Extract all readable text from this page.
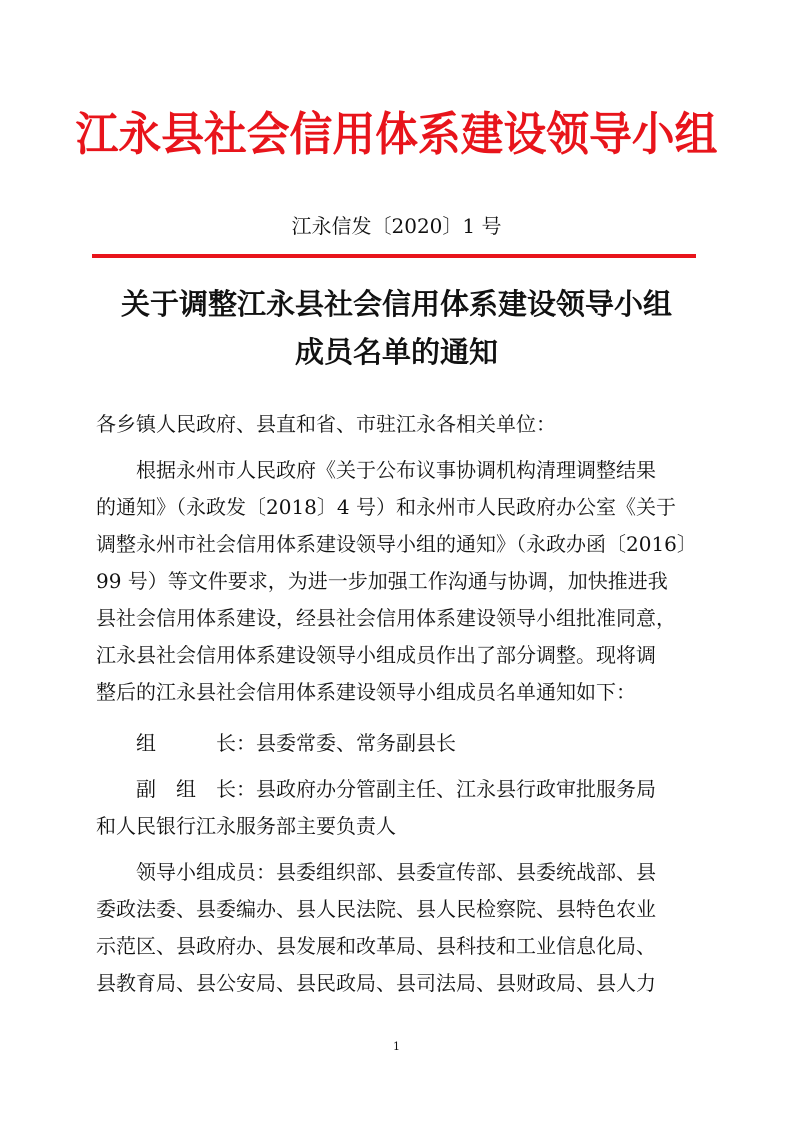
江永县社会信用体系建设领导小组
江永信发〔2020〕1 号
关于调整江永县社会信用体系建设领导小组
成员名单的通知
各乡镇人民政府、县直和省、市驻江永各相关单位：
　　根据永州市人民政府《关于公布议事协调机构清理调整结果
的通知》（永政发〔2018〕4 号）和永州市人民政府办公室《关于
调整永州市社会信用体系建设领导小组的通知》（永政办函〔2016〕
99 号）等文件要求，为进一步加强工作沟通与协调，加快推进我
县社会信用体系建设，经县社会信用体系建设领导小组批准同意，
江永县社会信用体系建设领导小组成员作出了部分调整。现将调
整后的江永县社会信用体系建设领导小组成员名单通知如下：
　　组　　　长：县委常委、常务副县长
　　副　组　长：县政府办分管副主任、江永县行政审批服务局
和人民银行江永服务部主要负责人
　　领导小组成员：县委组织部、县委宣传部、县委统战部、县
委政法委、县委编办、县人民法院、县人民检察院、县特色农业
示范区、县政府办、县发展和改革局、县科技和工业信息化局、
县教育局、县公安局、县民政局、县司法局、县财政局、县人力
1
